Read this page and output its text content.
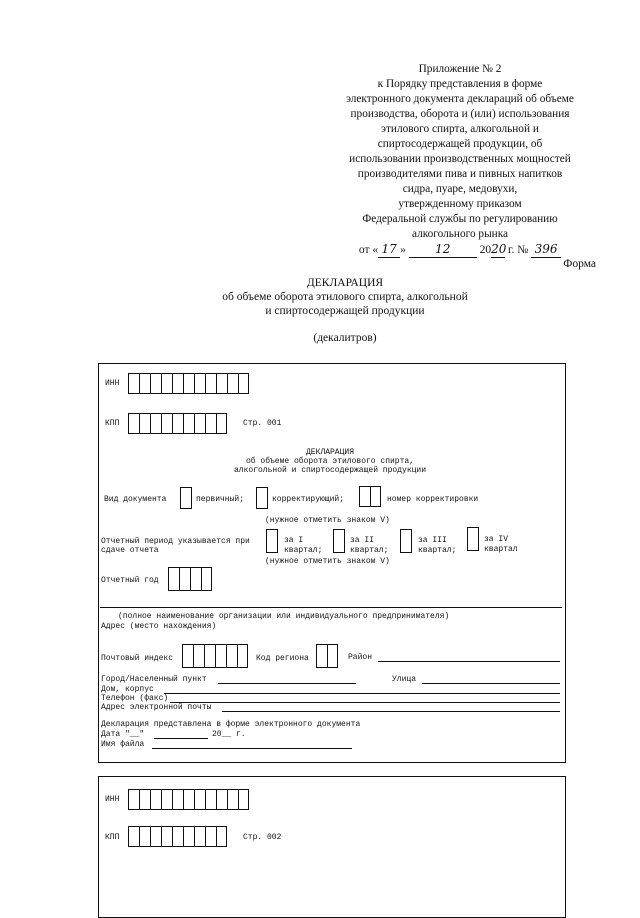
Приложение № 2
к Порядку представления в форме
электронного документа деклараций об объеме
производства, оборота и (или) использования
этилового спирта, алкогольной и
спиртосодержащей продукции, об
использовании производственных мощностей
производителями пива и пивных напитков
сидра, пуаре, медовухи,
утвержденному приказом
Федеральной службы по регулированию
алкогольного рынка
от « 17 » 12	2020 г. № 396
Форма
ДЕКЛАРАЦИЯ
об объеме оборота этилового спирта, алкогольной
и спиртосодержащей продукции
(декалитров)
ИНН
КПП	Стр. 001
ДЕКЛАРАЦИЯ
об объеме оборота этилового спирта,
алкогольной и спиртосодержащей продукции
Вид документа	первичный;	корректирующий;	номер корректировки
(нужное отметить знаком V)
Отчетный период указывается при
сдаче отчета
за I
квартал;
за II
квартал;
за III
квартал;
за IV
квартал
(нужное отметить знаком V)
Отчетный год
(полное наименование организации или индивидуального предпринимателя)
Адрес (место нахождения)
Почтовый индекс	Код региона	Район
Город/Населенный пункт	Улица
Дом, корпус
Телефон (факс)
Адрес электронной почты
Декларация представлена в форме электронного документа
Дата "__"	20__ г.
Имя файла
ИНН
КПП	Стр. 002
